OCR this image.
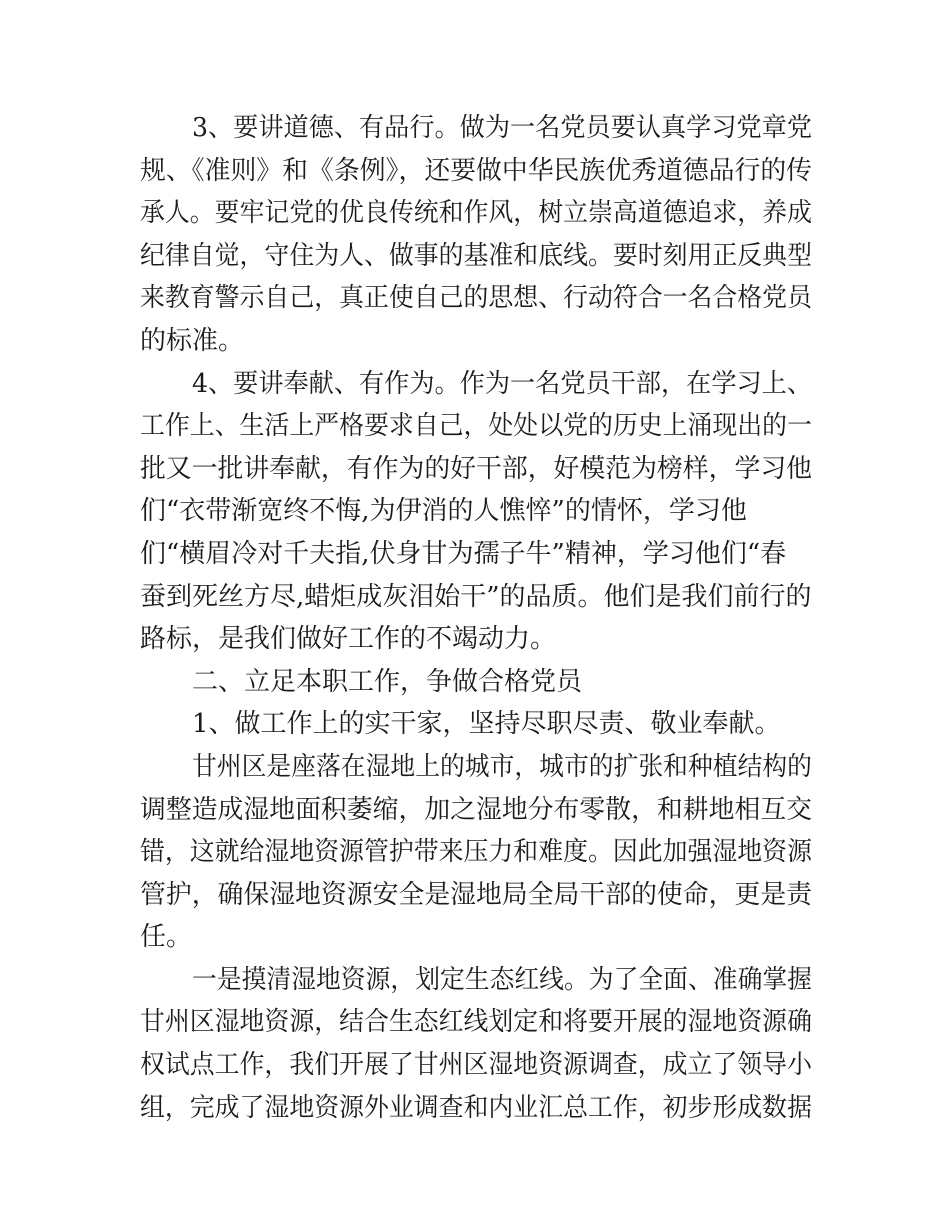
3、要讲道德、有品行。做为一名党员要认真学习党章党
规、《准则》和《条例》，还要做中华民族优秀道德品行的传
承人。要牢记党的优良传统和作风，树立崇高道德追求，养成
纪律自觉，守住为人、做事的基准和底线。要时刻用正反典型
来教育警示自己，真正使自己的思想、行动符合一名合格党员
的标准。
4、要讲奉献、有作为。作为一名党员干部，在学习上、
工作上、生活上严格要求自己，处处以党的历史上涌现出的一
批又一批讲奉献，有作为的好干部，好模范为榜样，学习他
们“衣带渐宽终不悔,为伊消的人憔悴”的情怀，学习他
们“横眉冷对千夫指,伏身甘为孺子牛”精神，学习他们“春
蚕到死丝方尽,蜡炬成灰泪始干”的品质。他们是我们前行的
路标，是我们做好工作的不竭动力。
二、立足本职工作，争做合格党员
1、做工作上的实干家，坚持尽职尽责、敬业奉献。
甘州区是座落在湿地上的城市，城市的扩张和种植结构的
调整造成湿地面积萎缩，加之湿地分布零散，和耕地相互交
错，这就给湿地资源管护带来压力和难度。因此加强湿地资源
管护，确保湿地资源安全是湿地局全局干部的使命，更是责
任。
一是摸清湿地资源，划定生态红线。为了全面、准确掌握
甘州区湿地资源，结合生态红线划定和将要开展的湿地资源确
权试点工作，我们开展了甘州区湿地资源调查，成立了领导小
组，完成了湿地资源外业调查和内业汇总工作，初步形成数据
